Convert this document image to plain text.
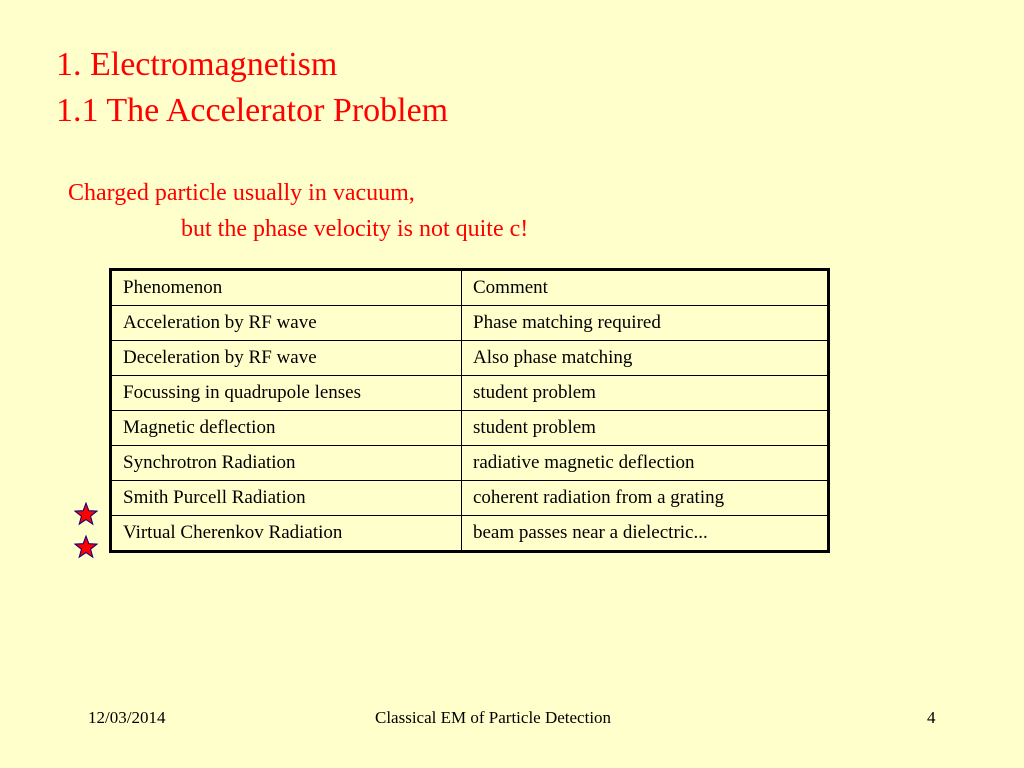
1. Electromagnetism
1.1 The Accelerator Problem
Charged particle usually in vacuum,
but the phase velocity is not quite c!
Phenomenon	Comment
Acceleration by RF wave	Phase matching required
Deceleration by RF wave	Also phase matching
Focussing in quadrupole lenses	student problem
Magnetic deflection	student problem
Synchrotron Radiation	radiative magnetic deflection
Smith Purcell Radiation	coherent radiation from a grating
Virtual Cherenkov Radiation	beam passes near a dielectric...
12/03/2014	Classical EM of Particle Detection	4
